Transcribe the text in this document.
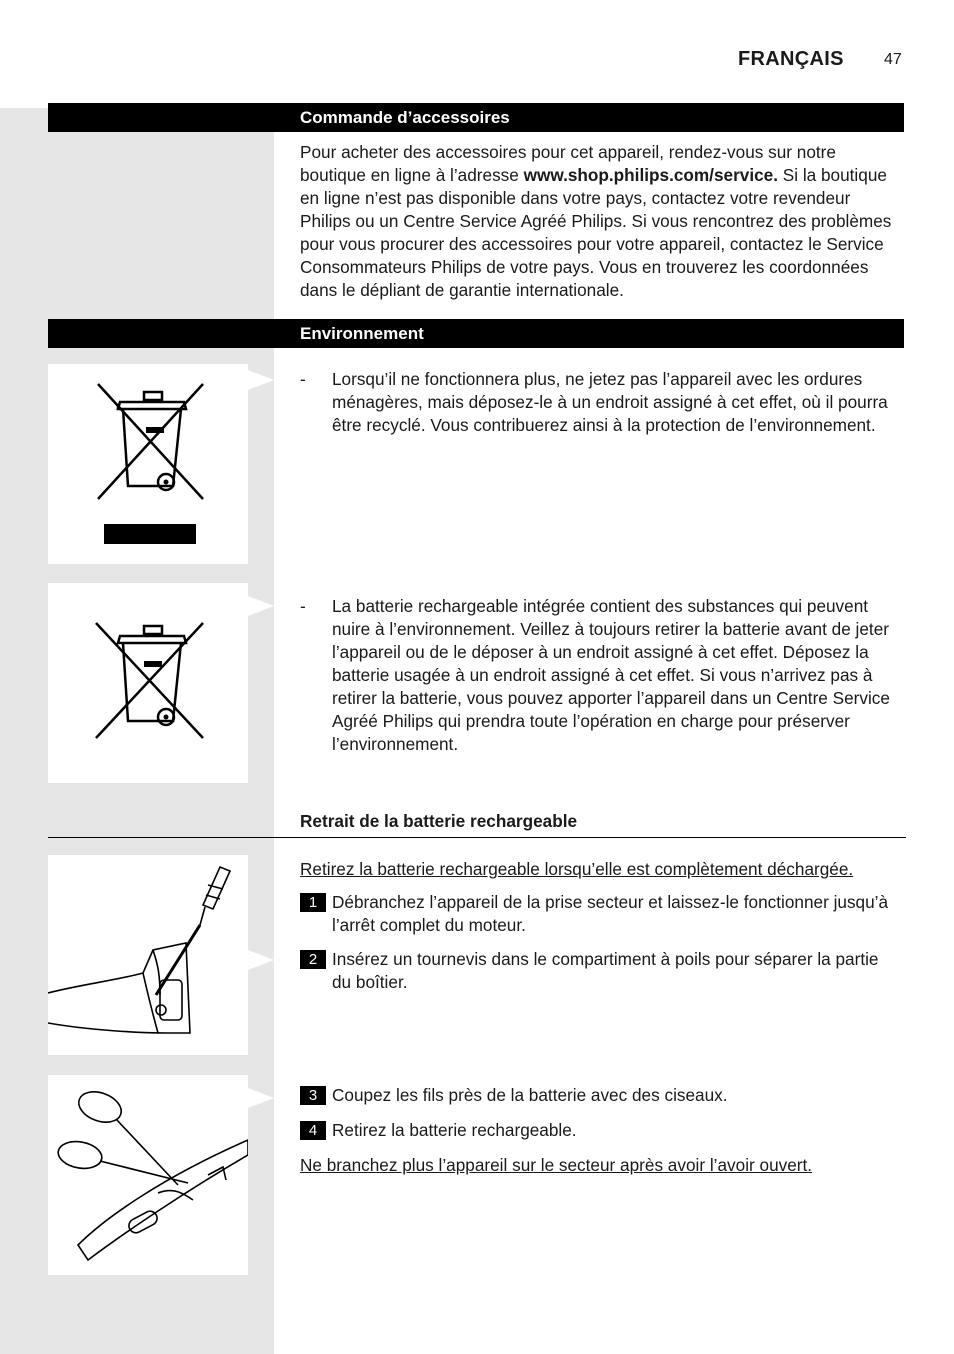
FRANÇAIS	47
Commande d’accessoires
Pour acheter des accessoires pour cet appareil, rendez-vous sur notre boutique en ligne à l’adresse www.shop.philips.com/service. Si la boutique en ligne n’est pas disponible dans votre pays, contactez votre revendeur Philips ou un Centre Service Agréé Philips. Si vous rencontrez des problèmes pour vous procurer des accessoires pour votre appareil, contactez le Service Consommateurs Philips de votre pays. Vous en trouverez les coordonnées dans le dépliant de garantie internationale.
Environnement
- Lorsqu’il ne fonctionnera plus, ne jetez pas l’appareil avec les ordures ménagères, mais déposez-le à un endroit assigné à cet effet, où il pourra être recyclé. Vous contribuerez ainsi à la protection de l’environnement.
- La batterie rechargeable intégrée contient des substances qui peuvent nuire à l’environnement. Veillez à toujours retirer la batterie avant de jeter l’appareil ou de le déposer à un endroit assigné à cet effet. Déposez la batterie usagée à un endroit assigné à cet effet. Si vous n’arrivez pas à retirer la batterie, vous pouvez apporter l’appareil dans un Centre Service Agréé Philips qui prendra toute l’opération en charge pour préserver l’environnement.
Retrait de la batterie rechargeable
Retirez la batterie rechargeable lorsqu’elle est complètement déchargée.
1 Débranchez l’appareil de la prise secteur et laissez-le fonctionner jusqu’à l’arrêt complet du moteur.
2 Insérez un tournevis dans le compartiment à poils pour séparer la partie du boîtier.
3 Coupez les fils près de la batterie avec des ciseaux.
4 Retirez la batterie rechargeable.
Ne branchez plus l’appareil sur le secteur après avoir l’avoir ouvert.
